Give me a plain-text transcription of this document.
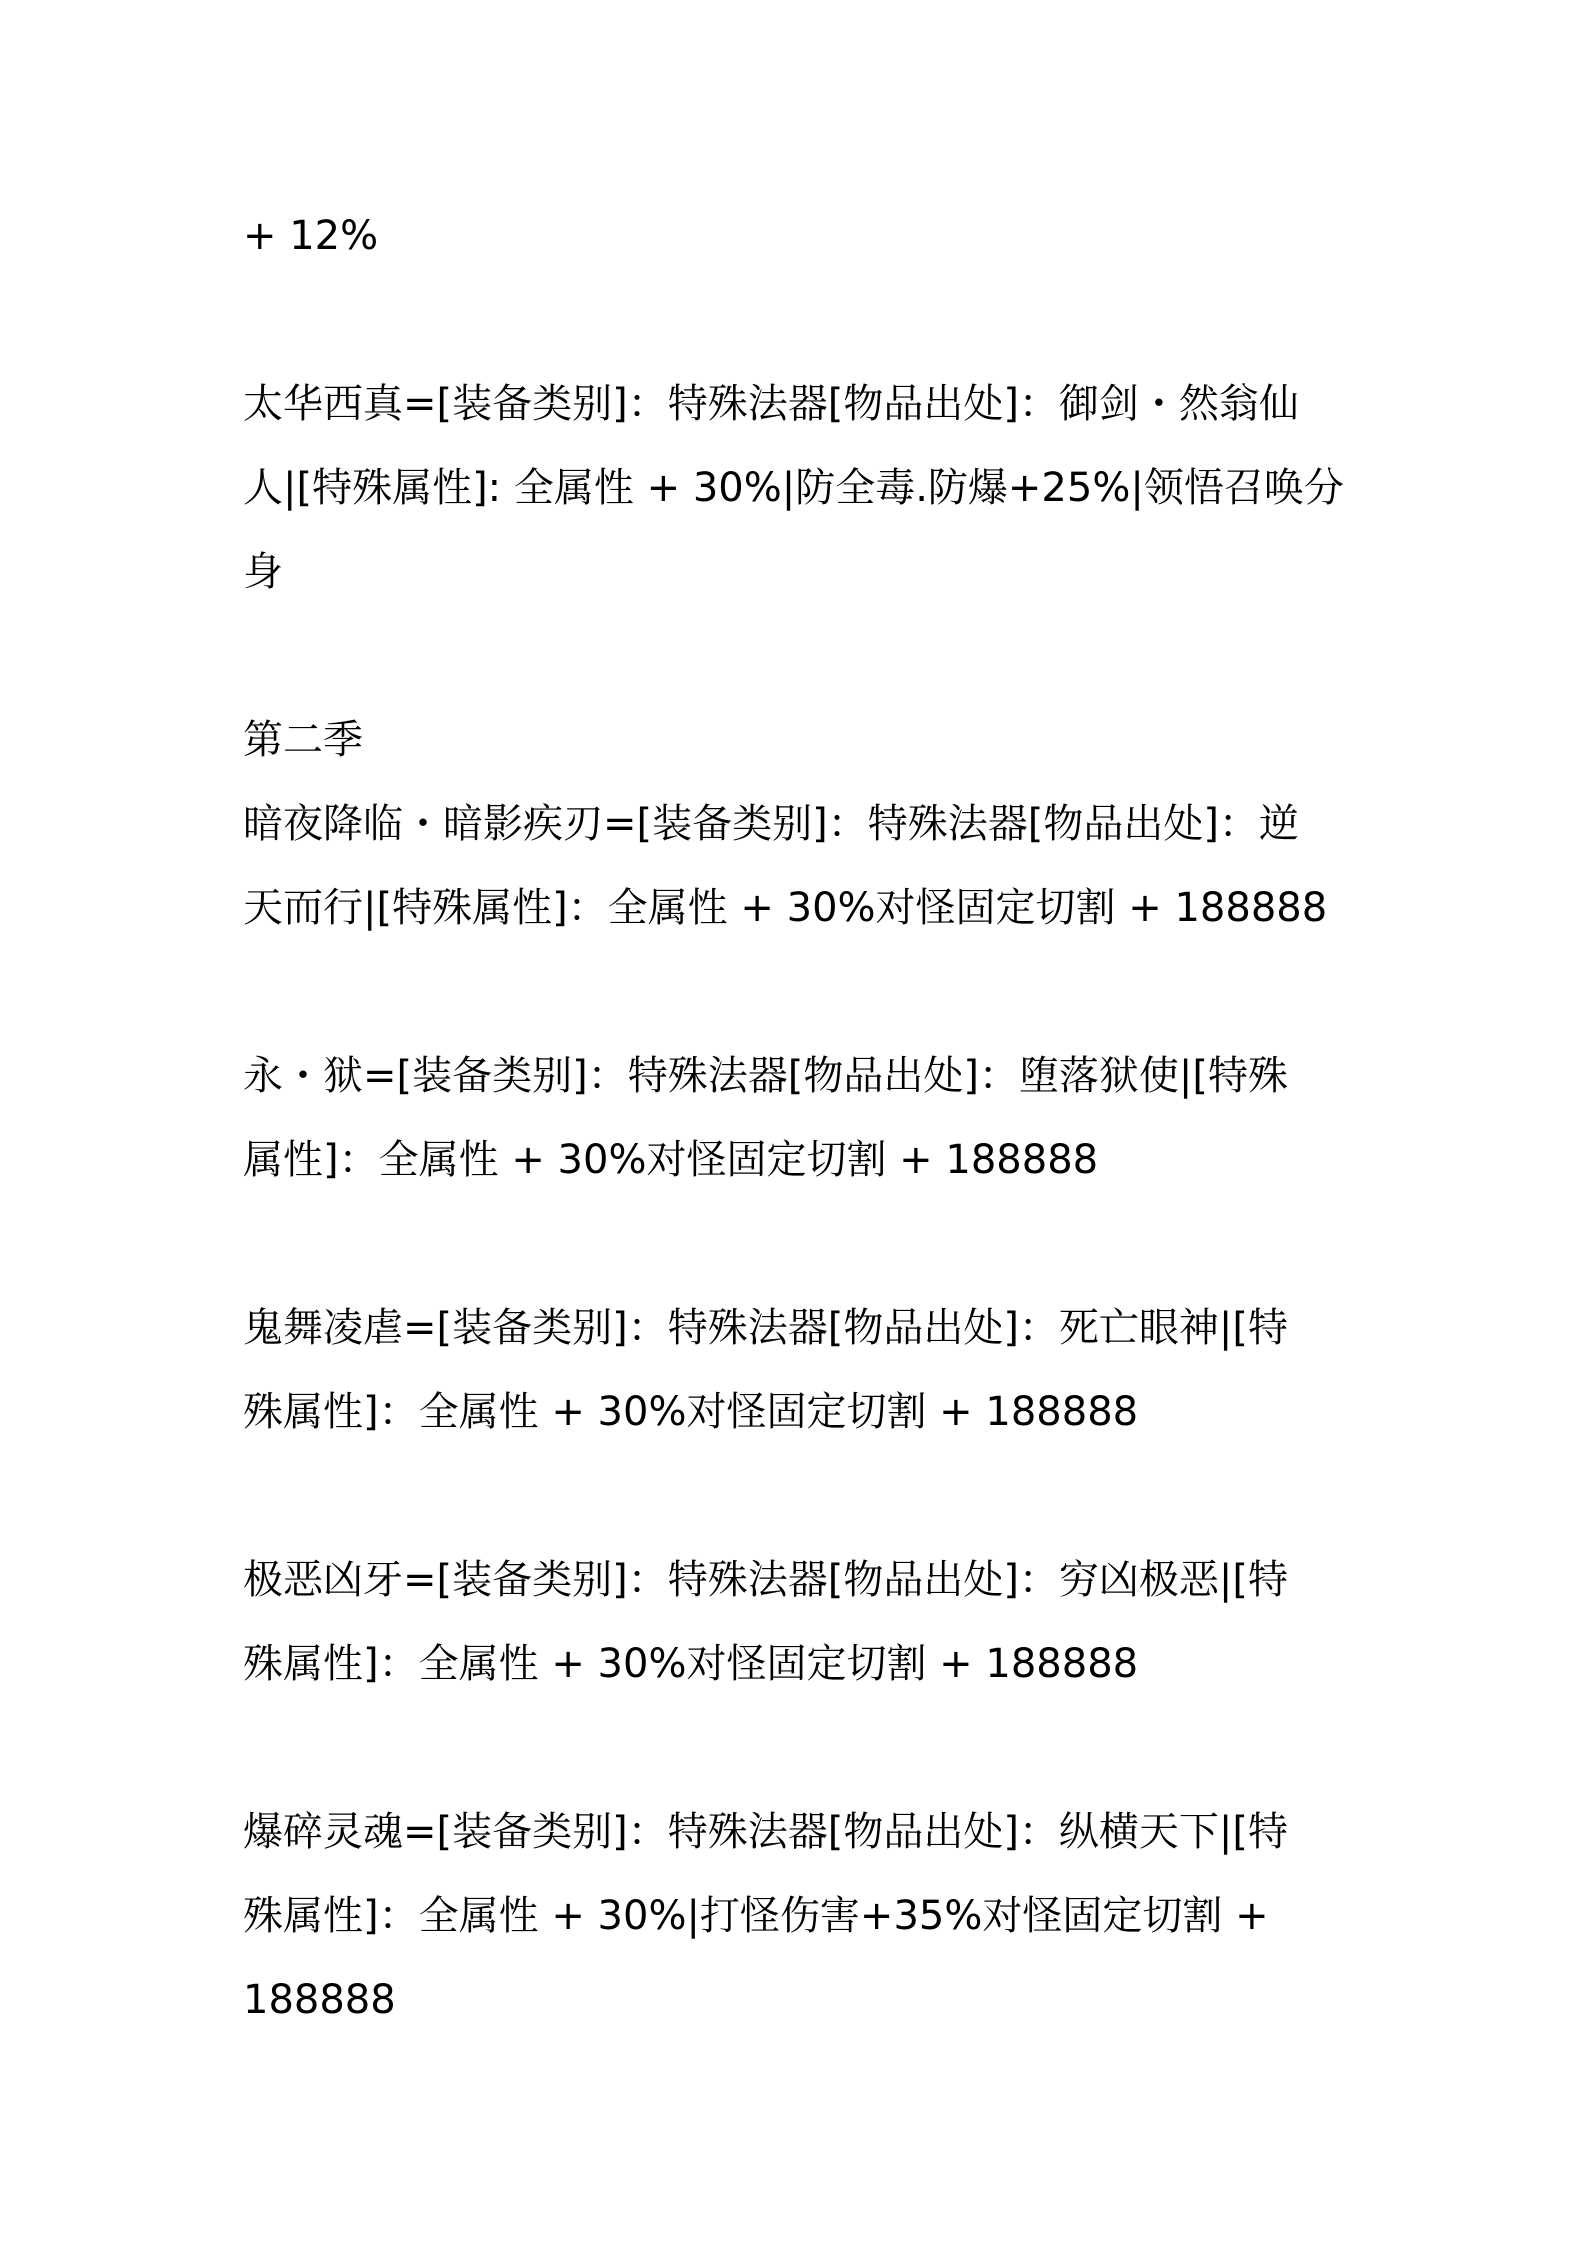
+ 12%
太华西真=[装备类别]：特殊法器[物品出处]：御剑・然翁仙
人|[特殊属性]: 全属性 + 30%|防全毒.防爆+25%|领悟召唤分
身
第二季
暗夜降临・暗影疾刃=[装备类别]：特殊法器[物品出处]：逆
天而行|[特殊属性]：全属性 + 30%对怪固定切割 + 188888
永・狱=[装备类别]：特殊法器[物品出处]：堕落狱使|[特殊
属性]：全属性 + 30%对怪固定切割 + 188888
鬼舞凌虐=[装备类别]：特殊法器[物品出处]：死亡眼神|[特
殊属性]：全属性 + 30%对怪固定切割 + 188888
极恶凶牙=[装备类别]：特殊法器[物品出处]：穷凶极恶|[特
殊属性]：全属性 + 30%对怪固定切割 + 188888
爆碎灵魂=[装备类别]：特殊法器[物品出处]：纵横天下|[特
殊属性]：全属性 + 30%|打怪伤害+35%对怪固定切割 +
188888
